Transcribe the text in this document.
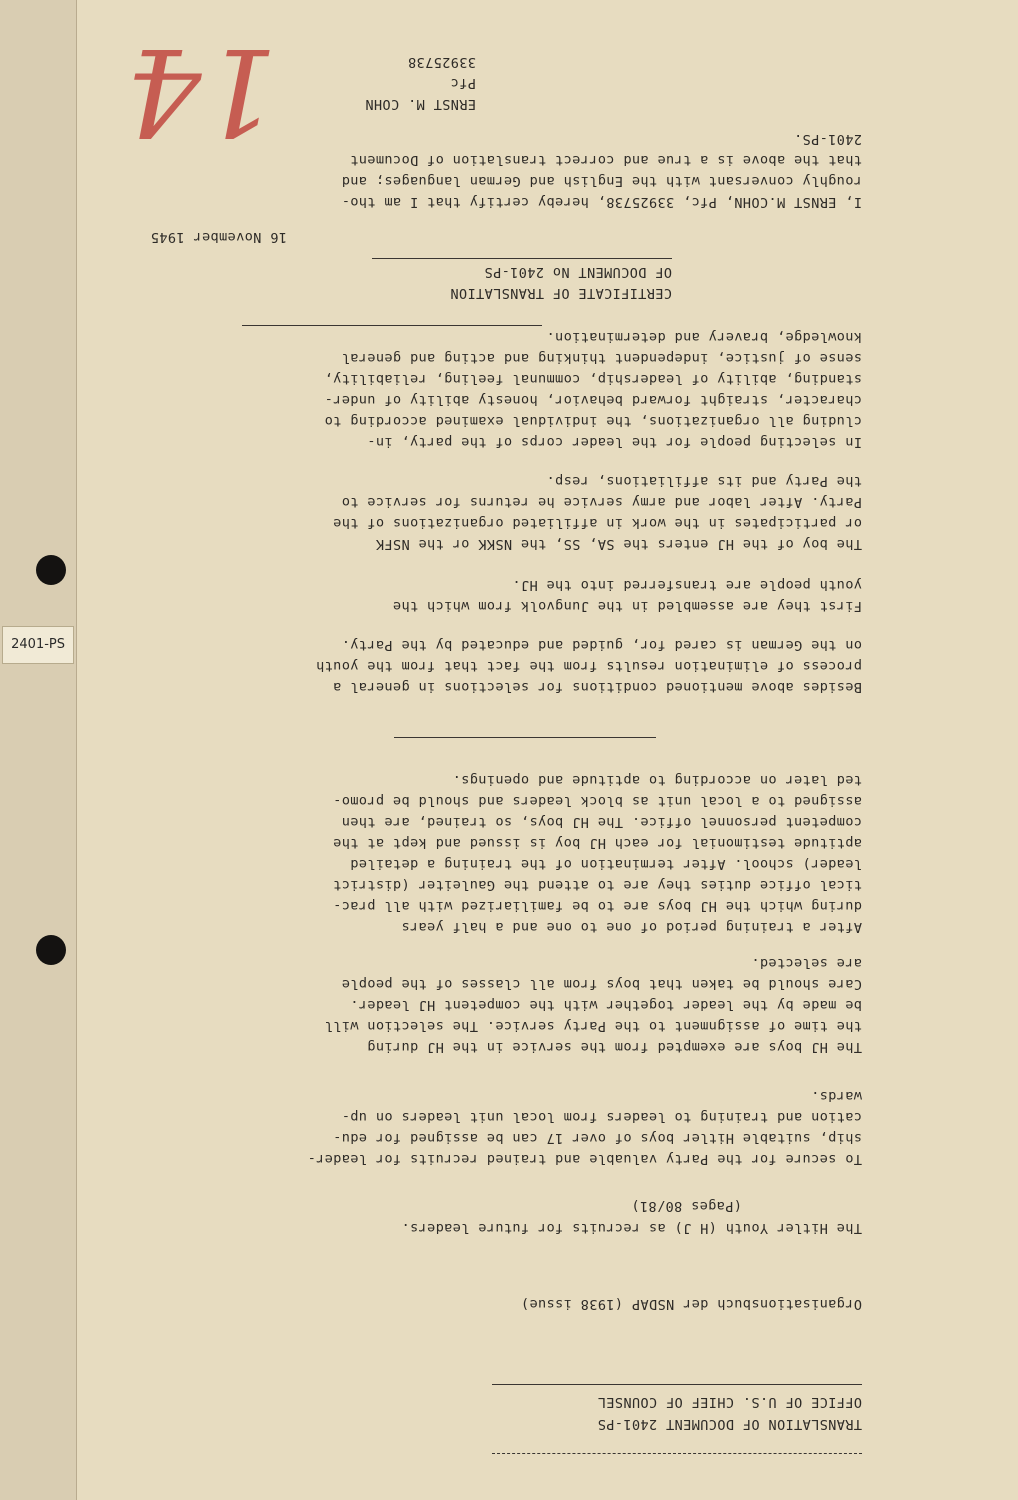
TRANSLATION OF DOCUMENT 2401-PS
OFFICE OF U.S. CHIEF OF COUNSEL
Organisationsbuch der NSDAP (1938 issue)
The Hitler Youth (H J) as recruits for future leaders.
(Pages 80/81)
To secure for the Party valuable and trained recruits for leader-
ship, suitable Hitler boys of over 17 can be assigned for edu-
cation and training to leaders from local unit leaders on up-
wards.
The HJ boys are exempted from the service in the HJ during
the time of assignment to the Party service. The selection will
be made by the leader together with the competent HJ leader.
Care should be taken that boys from all classes of the people
are selected.
After a training period of one to one and a half years
during which the HJ boys are to be familiarized with all prac-
tical office duties they are to attend the Gauleiter (district
leader) school. After termination of the training a detailed
aptitude testimonial for each HJ boy is issued and kept at the
competent personnel office. The HJ boys, so trained, are then
assigned to a local unit as block leaders and should be promo-
ted later on according to aptitude and openings.
Besides above mentioned conditions for selections in general a
process of elimination results from the fact that from the youth
on the German is cared for, guided and educated by the Party.
First they are assembled in the Jungvolk from which the
youth people are transferred into the HJ.
The boy of the HJ enters the SA, SS, the NSKK or the NSFK
or participates in the work in affiliated organizations of the
Party. After labor and army service he returns for service to
the Party and its affiliations, resp.
In selecting people for the leader corps of the party, in-
cluding all organizations, the individual examined according to
character, straight forward behavior, honesty ability of under-
standing, ability of leadership, communal feeling, reliability,
sense of justice, independent thinking and acting and general
knowledge, bravery and determination.
CERTIFICATE OF TRANSLATION
OF DOCUMENT No 2401-PS
16 November 1945
I, ERNST M.COHN, Pfc, 33925738, hereby certify that I am tho-
roughly conversant with the English and German languages; and
that the above is a true and correct translation of Document
2401-PS.
ERNST M. COHN
Pfc
33925738
14
2401-PS
